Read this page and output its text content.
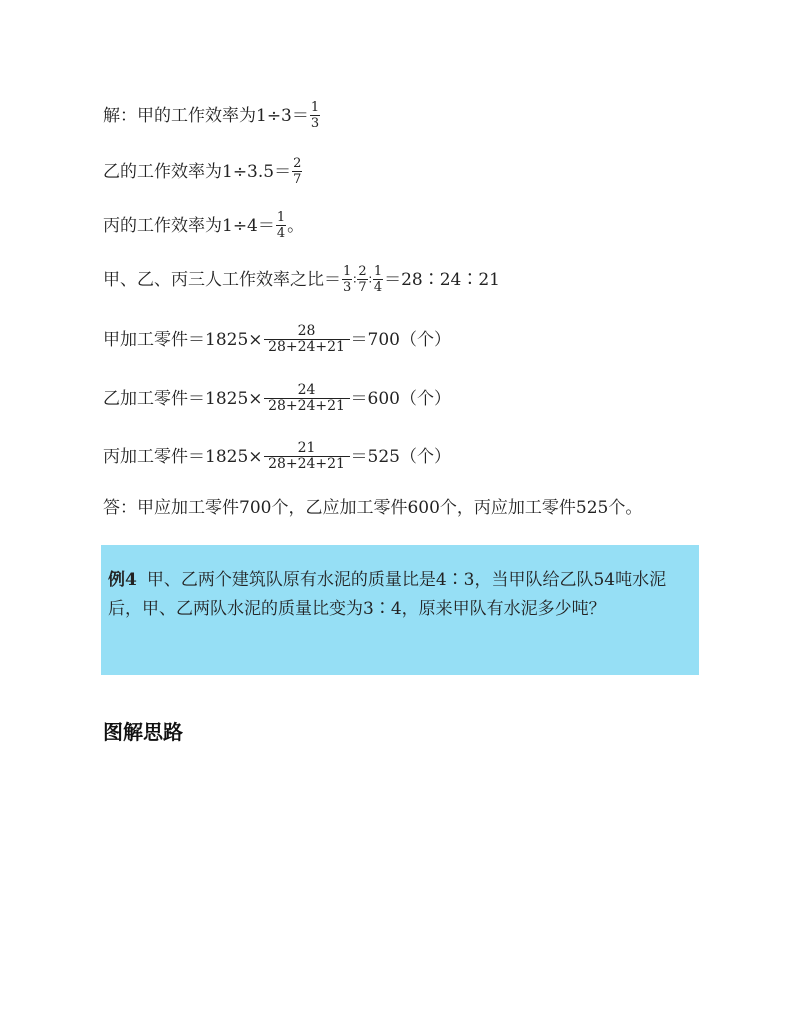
解：甲的工作效率为$1\div 3= \frac{1}{3}$
乙的工作效率为$1\div 3.5= \frac{2}{7}$
丙的工作效率为$1\div 4= \frac{1}{4}$ 。
甲、乙、丙三人工作效率之比＝ $\frac{1}{3}$ ∶ $\frac{2}{7}$ ∶ $\frac{1}{4}$ ＝28∶24∶21
甲加工零件$=1825\times \frac{28}{28+24+21} =700$（个）
乙加工零件$=1825\times \frac{24}{28+24+21} =600$（个）
丙加工零件$=1825\times \frac{21}{28+24+21} =525$（个）
答：甲应加工零件700个，乙应加工零件600个，丙应加工零件525个。
例4 甲、乙两个建筑队原有水泥的质量比是4∶3，当甲队给乙队54吨水泥后，甲、乙两队水泥的质量比变为3∶4，原来甲队有水泥多少吨？
图解思路
